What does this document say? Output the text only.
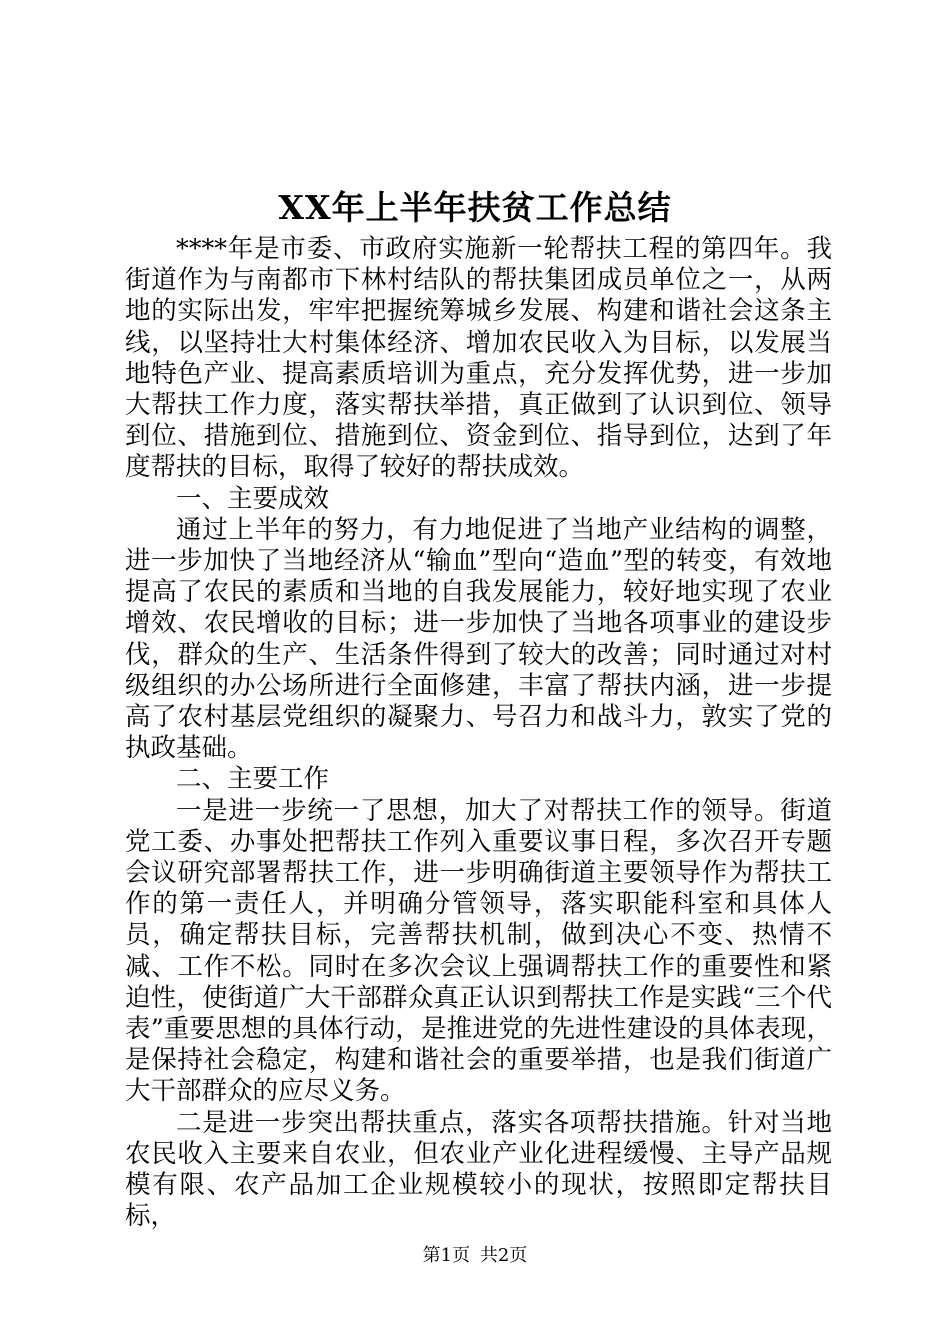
XX年上半年扶贫工作总结

****年是市委、市政府实施新一轮帮扶工程的第四年。我街道作为与南都市下林村结队的帮扶集团成员单位之一，从两地的实际出发，牢牢把握统筹城乡发展、构建和谐社会这条主线，以坚持壮大村集体经济、增加农民收入为目标，以发展当地特色产业、提高素质培训为重点，充分发挥优势，进一步加大帮扶工作力度，落实帮扶举措，真正做到了认识到位、领导到位、措施到位、措施到位、资金到位、指导到位，达到了年度帮扶的目标，取得了较好的帮扶成效。

一、主要成效

通过上半年的努力，有力地促进了当地产业结构的调整，进一步加快了当地经济从“输血”型向“造血”型的转变，有效地提高了农民的素质和当地的自我发展能力，较好地实现了农业增效、农民增收的目标；进一步加快了当地各项事业的建设步伐，群众的生产、生活条件得到了较大的改善；同时通过对村级组织的办公场所进行全面修建，丰富了帮扶内涵，进一步提高了农村基层党组织的凝聚力、号召力和战斗力，敦实了党的执政基础。

二、主要工作

一是进一步统一了思想，加大了对帮扶工作的领导。街道党工委、办事处把帮扶工作列入重要议事日程，多次召开专题会议研究部署帮扶工作，进一步明确街道主要领导作为帮扶工作的第一责任人，并明确分管领导，落实职能科室和具体人员，确定帮扶目标，完善帮扶机制，做到决心不变、热情不减、工作不松。同时在多次会议上强调帮扶工作的重要性和紧迫性，使街道广大干部群众真正认识到帮扶工作是实践“三个代表”重要思想的具体行动，是推进党的先进性建设的具体表现，是保持社会稳定，构建和谐社会的重要举措，也是我们街道广大干部群众的应尽义务。

二是进一步突出帮扶重点，落实各项帮扶措施。针对当地农民收入主要来自农业，但农业产业化进程缓慢、主导产品规模有限、农产品加工企业规模较小的现状，按照即定帮扶目标，

第1页 共2页
